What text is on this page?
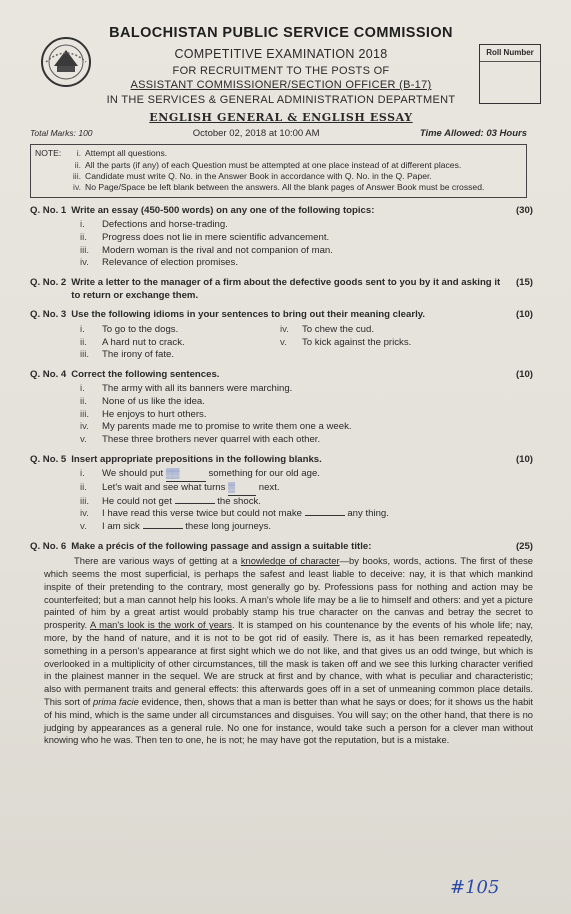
Roll Number
BALOCHISTAN PUBLIC SERVICE COMMISSION
COMPETITIVE EXAMINATION 2018
FOR RECRUITMENT TO THE POSTS OF
ASSISTANT COMMISSIONER/SECTION OFFICER (B-17)
IN THE SERVICES & GENERAL ADMINISTRATION DEPARTMENT
ENGLISH GENERAL & ENGLISH ESSAY
Total Marks: 100	October 02, 2018 at 10:00 AM	Time Allowed: 03 Hours
NOTE:	i. Attempt all questions.
ii. All the parts (if any) of each Question must be attempted at one place instead of at different places.
iii. Candidate must write Q. No. in the Answer Book in accordance with Q. No. in the Q. Paper.
iv. No Page/Space be left blank between the answers. All the blank pages of Answer Book must be crossed.
Q. No. 1 Write an essay (450-500 words) on any one of the following topics:	(30)
i.	Defections and horse-trading.
ii.	Progress does not lie in mere scientific advancement.
iii.	Modern woman is the rival and not companion of man.
iv.	Relevance of election promises.
Q. No. 2 Write a letter to the manager of a firm about the defective goods sent to you by it and asking it to return or exchange them.
(15)
Q. No. 3 Use the following idioms in your sentences to bring out their meaning clearly.	(10)
i.	To go to the dogs.	iv.	To chew the cud.
ii.	A hard nut to crack.	v.	To kick against the pricks.
iii.	The irony of fate.
Q. No. 4 Correct the following sentences.	(10)
i.	The army with all its banners were marching.
ii.	None of us like the idea.
iii.	He enjoys to hurt others.
iv.	My parents made me to promise to write them one a week.
v.	These three brothers never quarrel with each other.
Q. No. 5 Insert appropriate prepositions in the following blanks.	(10)
i.	We should put ▒▒	something for our old age.
ii.	Let's wait and see what turns ▒ next.
iii.	He could not get	the shock.
iv.	I have read this verse twice but could not make	any thing.
v.	I am sick	these long journeys.
Q. No. 6 Make a précis of the following passage and assign a suitable title:	(25)

There are various ways of getting at a knowledge of character—by books, words, actions. The first of these which seems the most superficial, is perhaps the safest and least liable to deceive: nay, it is that which mankind inspite of their pretending to the contrary, most generally go by. Professions pass for nothing and action may be counterfeited; but a man cannot help his looks. A man's whole life may be a lie to himself and others: and yet a picture painted of him by a great artist would probably stamp his true character on the canvas and betray the secret to prosperity. A man's look is the work of years. It is stamped on his countenance by the events of his whole life; nay, more, by the hand of nature, and it is not to be got rid of easily. There is, as it has been remarked repeatedly, something in a person's appearance at first sight which we do not like, and that gives us an odd twinge, but which is overlooked in a multiplicity of other circumstances, till the mask is taken off and we see this lurking character verified in the plainest manner in the sequel. We are struck at first and by chance, with what is peculiar and characteristic; also with permanent traits and general effects: this afterwards goes off in a set of unmeaning common place details. This sort of prima facie evidence, then, shows that a man is better than what he says or does; for it shows us the habit of his mind, which is the same under all circumstances and disguises. You will say; on the other hand, that there is no judging by appearances as a general rule. No one for instance, would take such a person for a clever man without knowing who he was. Then ten to one, he is not; he may have got the reputation, but is a mistake.

#105
